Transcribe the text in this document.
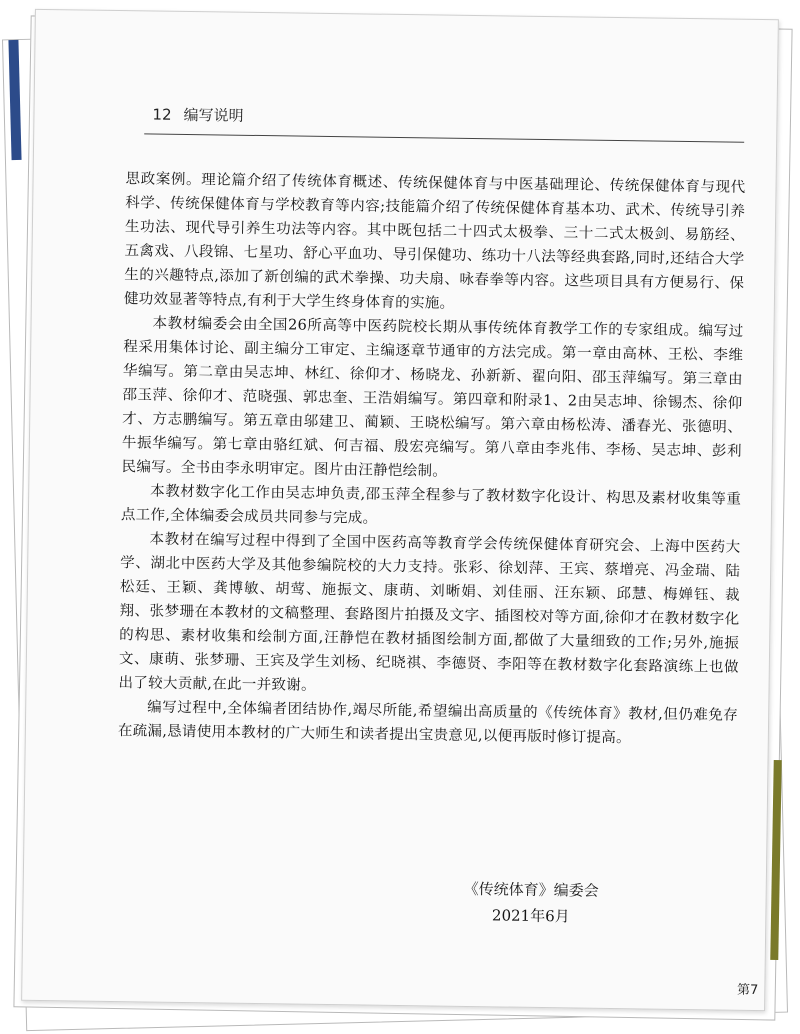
12 编写说明

思政案例。理论篇介绍了传统体育概述、传统保健体育与中医基础理论、传统保健体育与现代科学、传统保健体育与学校教育等内容;技能篇介绍了传统保健体育基本功、武术、传统导引养生功法、现代导引养生功法等内容。其中既包括二十四式太极拳、三十二式太极剑、易筋经、五禽戏、八段锦、七星功、舒心平血功、导引保健功、练功十八法等经典套路,同时,还结合大学生的兴趣特点,添加了新创编的武术拳操、功夫扇、咏春拳等内容。这些项目具有方便易行、保健功效显著等特点,有利于大学生终身体育的实施。

本教材编委会由全国26所高等中医药院校长期从事传统体育教学工作的专家组成。编写过程采用集体讨论、副主编分工审定、主编逐章节通审的方法完成。第一章由高林、王松、李维华编写。第二章由吴志坤、林红、徐仰才、杨晓龙、孙新新、翟向阳、邵玉萍编写。第三章由邵玉萍、徐仰才、范晓强、郭忠奎、王浩娟编写。第四章和附录1、2由吴志坤、徐锡杰、徐仰才、方志鹏编写。第五章由邬建卫、蔺颖、王晓松编写。第六章由杨松涛、潘春光、张德明、牛振华编写。第七章由骆红斌、何吉福、殷宏亮编写。第八章由李兆伟、李杨、吴志坤、彭利民编写。全书由李永明审定。图片由汪静恺绘制。

本教材数字化工作由吴志坤负责,邵玉萍全程参与了教材数字化设计、构思及素材收集等重点工作,全体编委会成员共同参与完成。

本教材在编写过程中得到了全国中医药高等教育学会传统保健体育研究会、上海中医药大学、湖北中医药大学及其他参编院校的大力支持。张彩、徐划萍、王宾、蔡增亮、冯金瑞、陆松廷、王颖、龚博敏、胡莺、施振文、康萌、刘晰娟、刘佳丽、汪东颖、邱慧、梅婵钰、裁翔、张梦珊在本教材的文稿整理、套路图片拍摄及文字、插图校对等方面,徐仰才在教材数字化的构思、素材收集和绘制方面,汪静恺在教材插图绘制方面,都做了大量细致的工作;另外,施振文、康萌、张梦珊、王宾及学生刘杨、纪晓祺、李德贤、李阳等在教材数字化套路演练上也做出了较大贡献,在此一并致谢。

编写过程中,全体编者团结协作,竭尽所能,希望编出高质量的《传统体育》教材,但仍难免存在疏漏,恳请使用本教材的广大师生和读者提出宝贵意见,以便再版时修订提高。

《传统体育》编委会
2021年6月
第7
